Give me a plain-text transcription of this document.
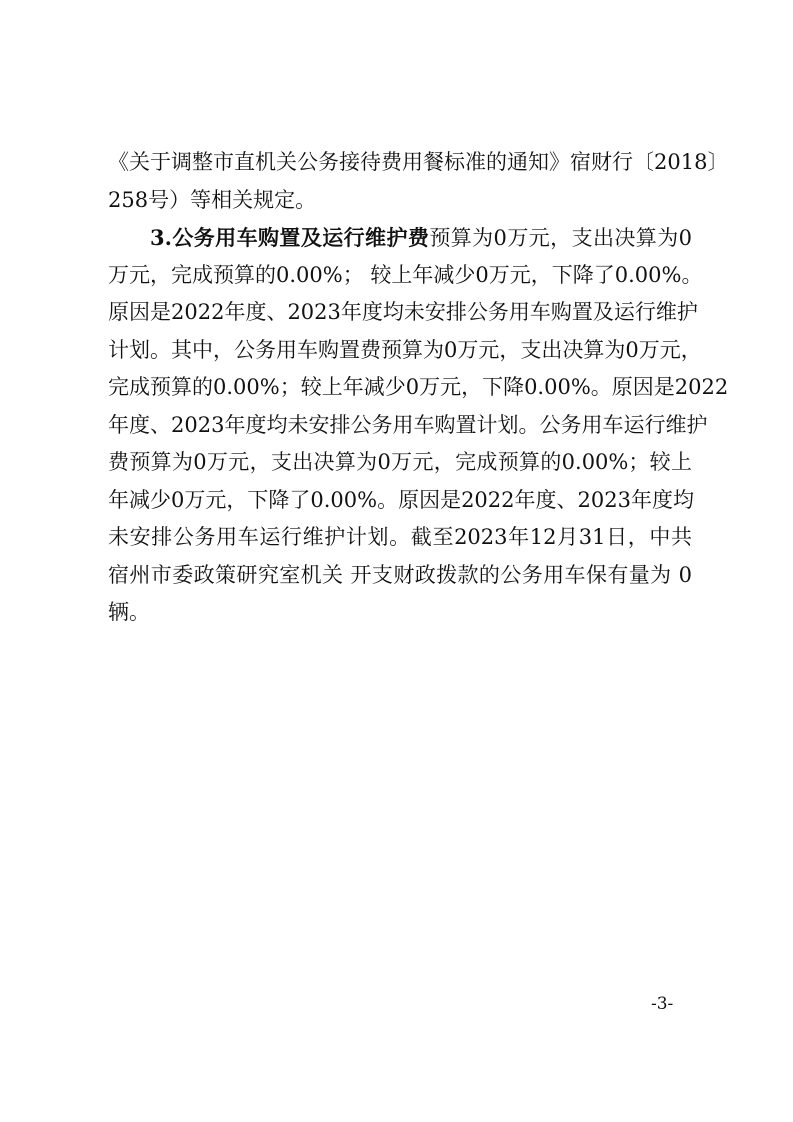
《关于调整市直机关公务接待费用餐标准的通知》宿财行〔2018〕
258号）等相关规定。
3.公务用车购置及运行维护费预算为0万元，支出决算为0
万元，完成预算的0.00%； 较上年减少0万元，下降了0.00%。
原因是2022年度、2023年度均未安排公务用车购置及运行维护
计划。其中，公务用车购置费预算为0万元，支出决算为0万元，
完成预算的0.00%；较上年减少0万元，下降0.00%。原因是2022
年度、2023年度均未安排公务用车购置计划。公务用车运行维护
费预算为0万元，支出决算为0万元，完成预算的0.00%；较上
年减少0万元，下降了0.00%。原因是2022年度、2023年度均
未安排公务用车运行维护计划。截至2023年12月31日，中共
宿州市委政策研究室机关 开支财政拨款的公务用车保有量为 0
辆。
-3-
